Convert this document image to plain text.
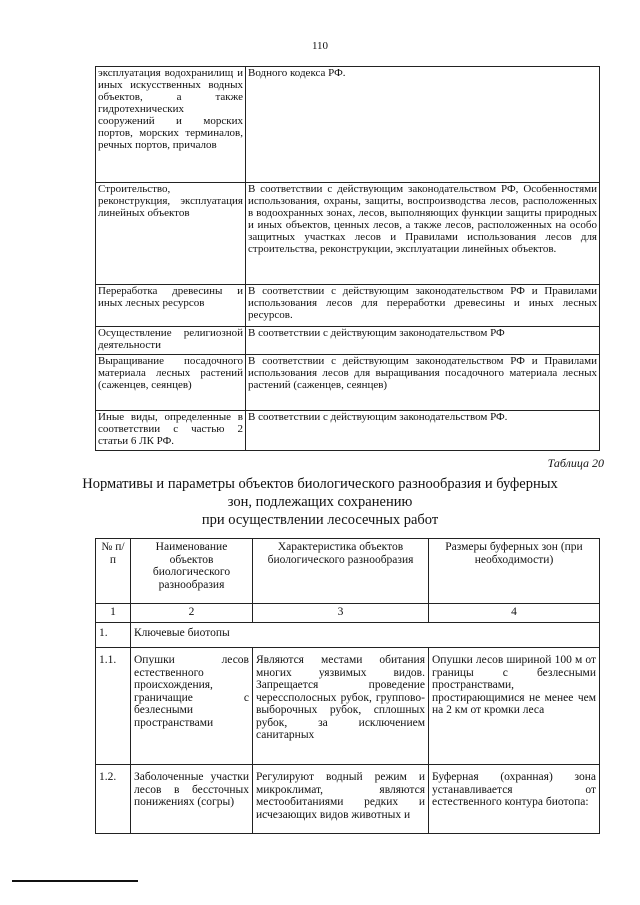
110
эксплуатация водохранилищ и иных искусственных водных объектов, а также гидротехнических сооружений и морских портов, морских терминалов, речных портов, причалов	Водного кодекса РФ.
Строительство, реконструкция, эксплуатация линейных объектов	В соответствии с действующим законодательством РФ, Особенностями использования, охраны, защиты, воспроизводства лесов, расположенных в водоохранных зонах, лесов, выполняющих функции защиты природных и иных объектов, ценных лесов, а также лесов, расположенных на особо защитных участках лесов и Правилами использования лесов для строительства, реконструкции, эксплуатации линейных объектов.
Переработка древесины и иных лесных ресурсов	В соответствии с действующим законодательством РФ и Правилами использования лесов для переработки древесины и иных лесных ресурсов.
Осуществление религиозной деятельности	В соответствии с действующим законодательством РФ
Выращивание посадочного материала лесных растений (саженцев, сеянцев)	В соответствии с действующим законодательством РФ и Правилами использования лесов для выращивания посадочного материала лесных растений (саженцев, сеянцев)
Иные виды, определенные в соответствии с частью 2 статьи 6 ЛК РФ.	В соответствии с действующим законодательством РФ.
Таблица 20
Нормативы и параметры объектов биологического разнообразия и буферных
зон, подлежащих сохранению
при осуществлении лесосечных работ
№ п/п	Наименование объектов биологического разнообразия	Характеристика объектов биологического разнообразия	Размеры буферных зон (при необходимости)
1	2	3	4
1.	Ключевые биотопы		
1.1.	Опушки лесов естественного происхождения, граничащие с безлесными пространствами	Являются местами обитания многих уязвимых видов. Запрещается проведение черессполосных рубок, группово-выборочных рубок, сплошных рубок, за исключением санитарных	Опушки лесов шириной 100 м от границы с безлесными пространствами, простирающимися не менее чем на 2 км от кромки леса
1.2.	Заболоченные участки лесов в бессточных понижениях (согры)	Регулируют водный режим и микроклимат, являются местообитаниями редких и исчезающих видов животных и	Буферная (охранная) зона устанавливается от естественного контура биотопа:
